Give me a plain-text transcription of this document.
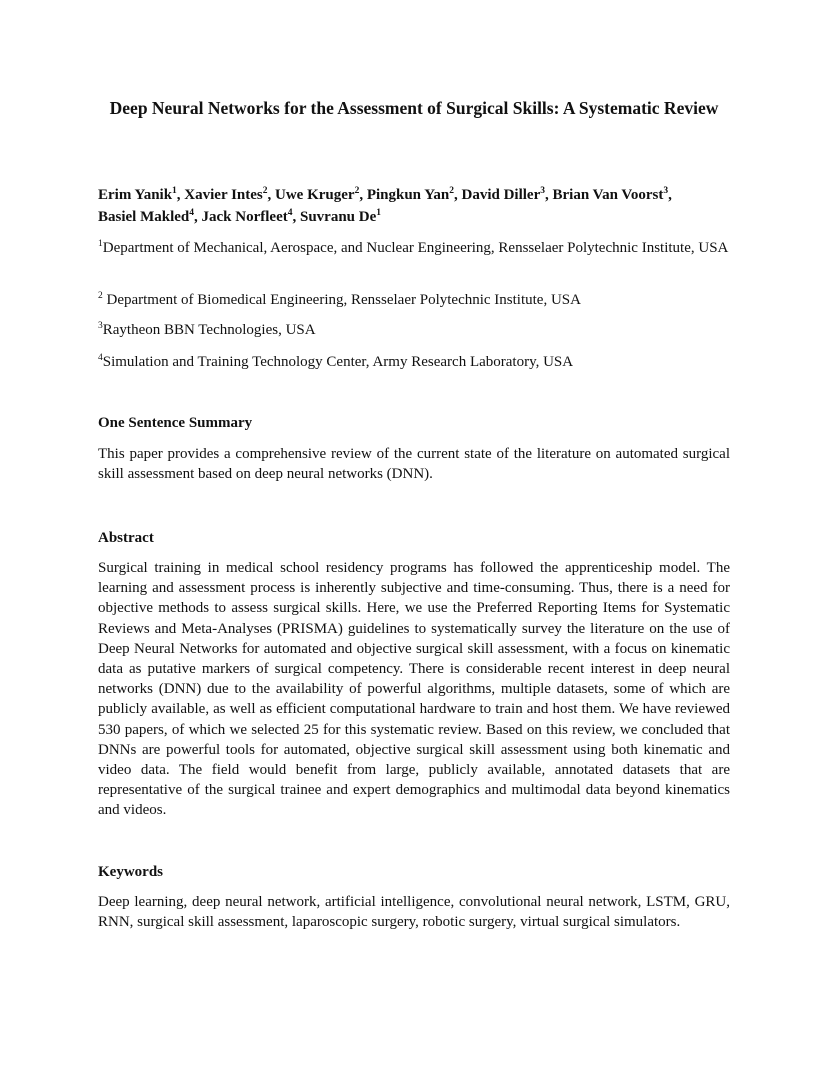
Deep Neural Networks for the Assessment of Surgical Skills: A Systematic Review
Erim Yanik$^1$, Xavier Intes$^2$, Uwe Kruger$^2$, Pingkun Yan$^2$, David Diller$^3$, Brian Van Voorst$^3$,
Basiel Makled$^4$, Jack Norfleet$^4$, Suvranu De$^1$
$^1$Department of Mechanical, Aerospace, and Nuclear Engineering, Rensselaer Polytechnic Institute, USA
$^2$ Department of Biomedical Engineering, Rensselaer Polytechnic Institute, USA
$^3$Raytheon BBN Technologies, USA
$^4$Simulation and Training Technology Center, Army Research Laboratory, USA
One Sentence Summary
This paper provides a comprehensive review of the current state of the literature on automated surgical skill assessment based on deep neural networks (DNN).
Abstract
Surgical training in medical school residency programs has followed the apprenticeship model. The learning and assessment process is inherently subjective and time-consuming. Thus, there is a need for objective methods to assess surgical skills. Here, we use the Preferred Reporting Items for Systematic Reviews and Meta-Analyses (PRISMA) guidelines to systematically survey the literature on the use of Deep Neural Networks for automated and objective surgical skill assessment, with a focus on kinematic data as putative markers of surgical competency. There is considerable recent interest in deep neural networks (DNN) due to the availability of powerful algorithms, multiple datasets, some of which are publicly available, as well as efficient computational hardware to train and host them. We have reviewed 530 papers, of which we selected 25 for this systematic review. Based on this review, we concluded that DNNs are powerful tools for automated, objective surgical skill assessment using both kinematic and video data. The field would benefit from large, publicly available, annotated datasets that are representative of the surgical trainee and expert demographics and multimodal data beyond kinematics and videos.
Keywords
Deep learning, deep neural network, artificial intelligence, convolutional neural network, LSTM, GRU, RNN, surgical skill assessment, laparoscopic surgery, robotic surgery, virtual surgical simulators.
